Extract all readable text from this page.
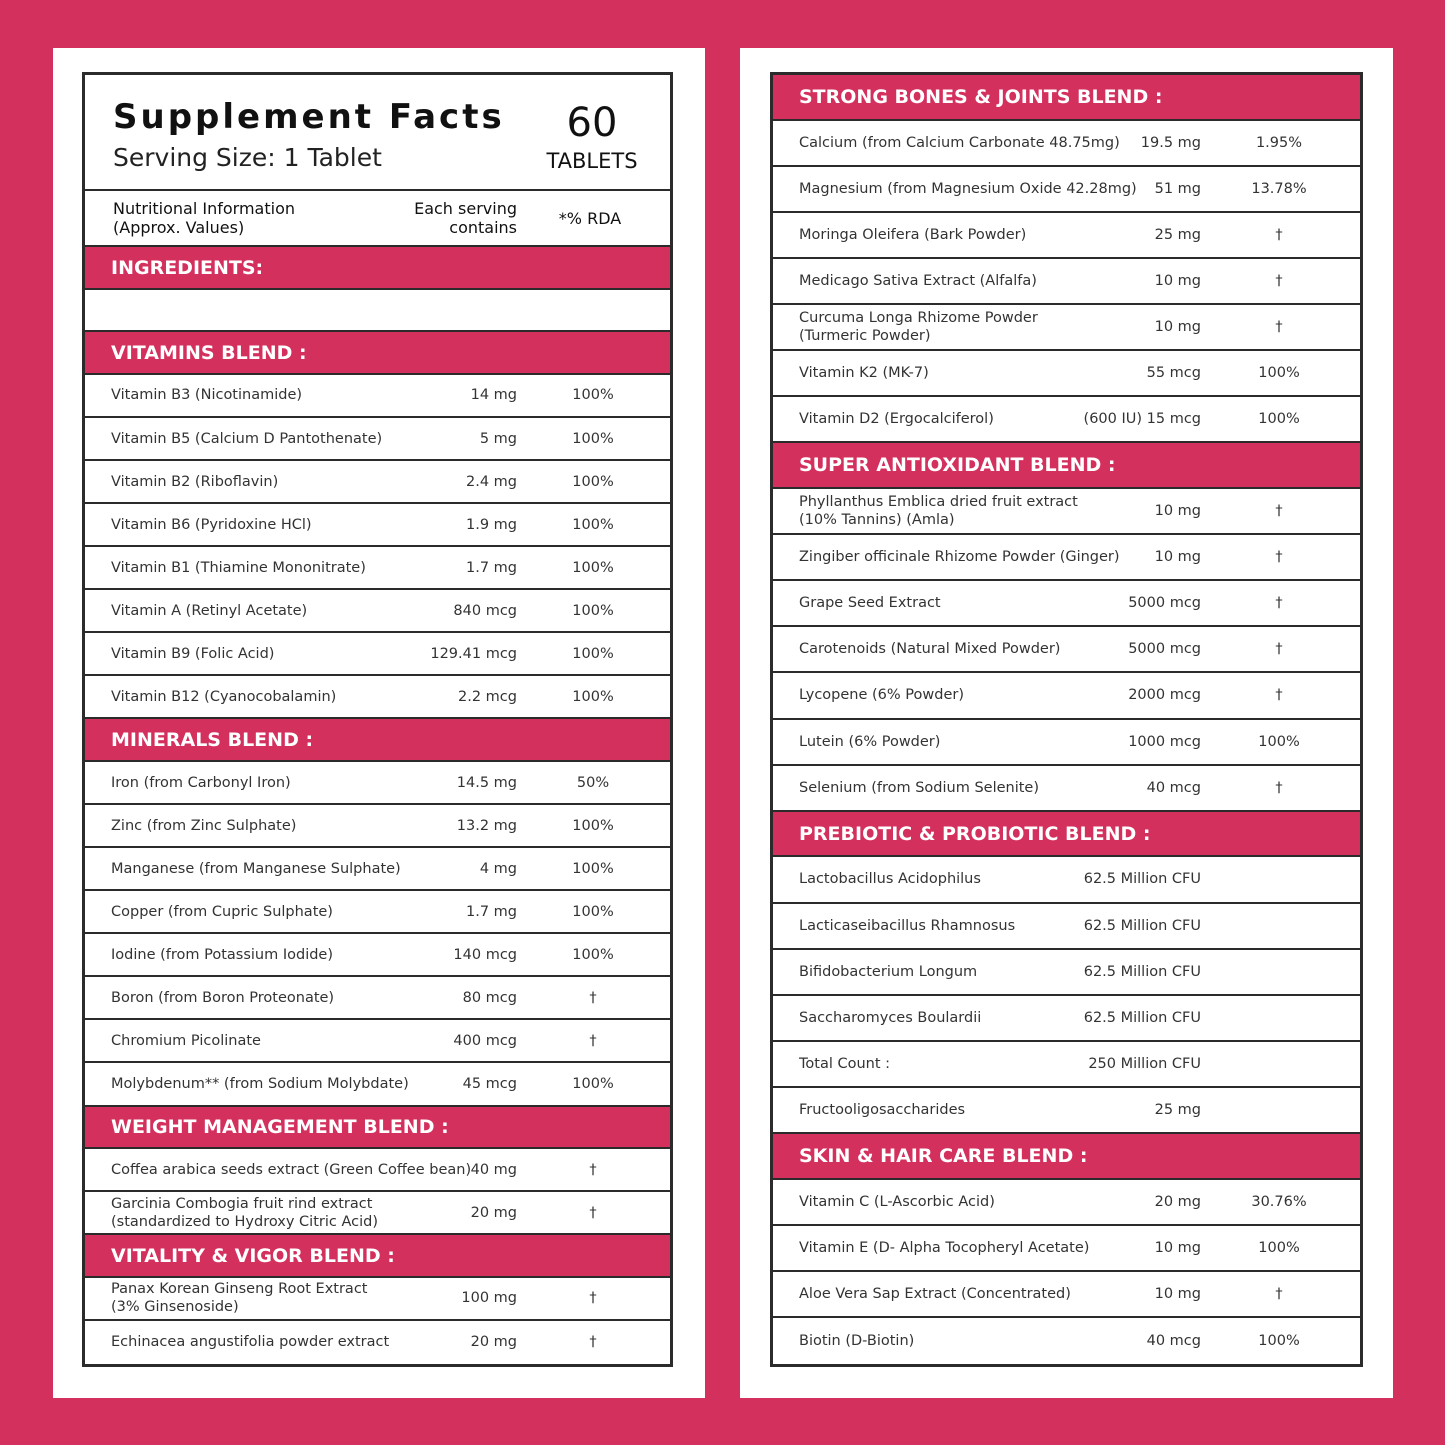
Supplement Facts
Serving Size: 1 Tablet
60
TABLETS
Nutritional Information
(Approx. Values)
Each serving
contains	*% RDA
INGREDIENTS:
VITAMINS BLEND :
Vitamin B3 (Nicotinamide)	14 mg	100%
Vitamin B5 (Calcium D Pantothenate)	5 mg	100%
Vitamin B2 (Riboflavin)	2.4 mg	100%
Vitamin B6 (Pyridoxine HCl)	1.9 mg	100%
Vitamin B1 (Thiamine Mononitrate)	1.7 mg	100%
Vitamin A (Retinyl Acetate)	840 mcg	100%
Vitamin B9 (Folic Acid)	129.41 mcg	100%
Vitamin B12 (Cyanocobalamin)	2.2 mcg	100%
MINERALS BLEND :
Iron (from Carbonyl Iron)	14.5 mg	50%
Zinc (from Zinc Sulphate)	13.2 mg	100%
Manganese (from Manganese Sulphate)	4 mg	100%
Copper (from Cupric Sulphate)	1.7 mg	100%
Iodine (from Potassium Iodide)	140 mcg	100%
Boron (from Boron Proteonate)	80 mcg	†
Chromium Picolinate	400 mcg	†
Molybdenum** (from Sodium Molybdate)	45 mcg	100%
WEIGHT MANAGEMENT BLEND :
Coffea arabica seeds extract (Green Coffee bean) 40 mg	†
Garcinia Combogia fruit rind extract
(standardized to Hydroxy Citric Acid)
20 mg	†
VITALITY & VIGOR BLEND :
Panax Korean Ginseng Root Extract
(3% Ginsenoside)
100 mg	†
Echinacea angustifolia powder extract	20 mg	†
STRONG BONES & JOINTS BLEND :
Calcium (from Calcium Carbonate 48.75mg) 19.5 mg	1.95%
Magnesium (from Magnesium Oxide 42.28mg) 51 mg	13.78%
Moringa Oleifera (Bark Powder)	25 mg	†
Medicago Sativa Extract (Alfalfa)	10 mg	†
Curcuma Longa Rhizome Powder
(Turmeric Powder)
10 mg	†
Vitamin K2 (MK-7)	55 mcg	100%
Vitamin D2 (Ergocalciferol)	(600 IU) 15 mcg	100%
SUPER ANTIOXIDANT BLEND :
Phyllanthus Emblica dried fruit extract
(10% Tannins) (Amla)
10 mg	†
Zingiber officinale Rhizome Powder (Ginger) 10 mg	†
Grape Seed Extract	5000 mcg	†
Carotenoids (Natural Mixed Powder)	5000 mcg	†
Lycopene (6% Powder)	2000 mcg	†
Lutein (6% Powder)	1000 mcg	100%
Selenium (from Sodium Selenite)	40 mcg	†
PREBIOTIC & PROBIOTIC BLEND :
Lactobacillus Acidophilus	62.5 Million CFU
Lacticaseibacillus Rhamnosus	62.5 Million CFU
Bifidobacterium Longum	62.5 Million CFU
Saccharomyces Boulardii	62.5 Million CFU
Total Count :	250 Million CFU
Fructooligosaccharides	25 mg
SKIN & HAIR CARE BLEND :
Vitamin C (L-Ascorbic Acid)	20 mg	30.76%
Vitamin E (D- Alpha Tocopheryl Acetate)	10 mg	100%
Aloe Vera Sap Extract (Concentrated)	10 mg	†
Biotin (D-Biotin)	40 mcg	100%
